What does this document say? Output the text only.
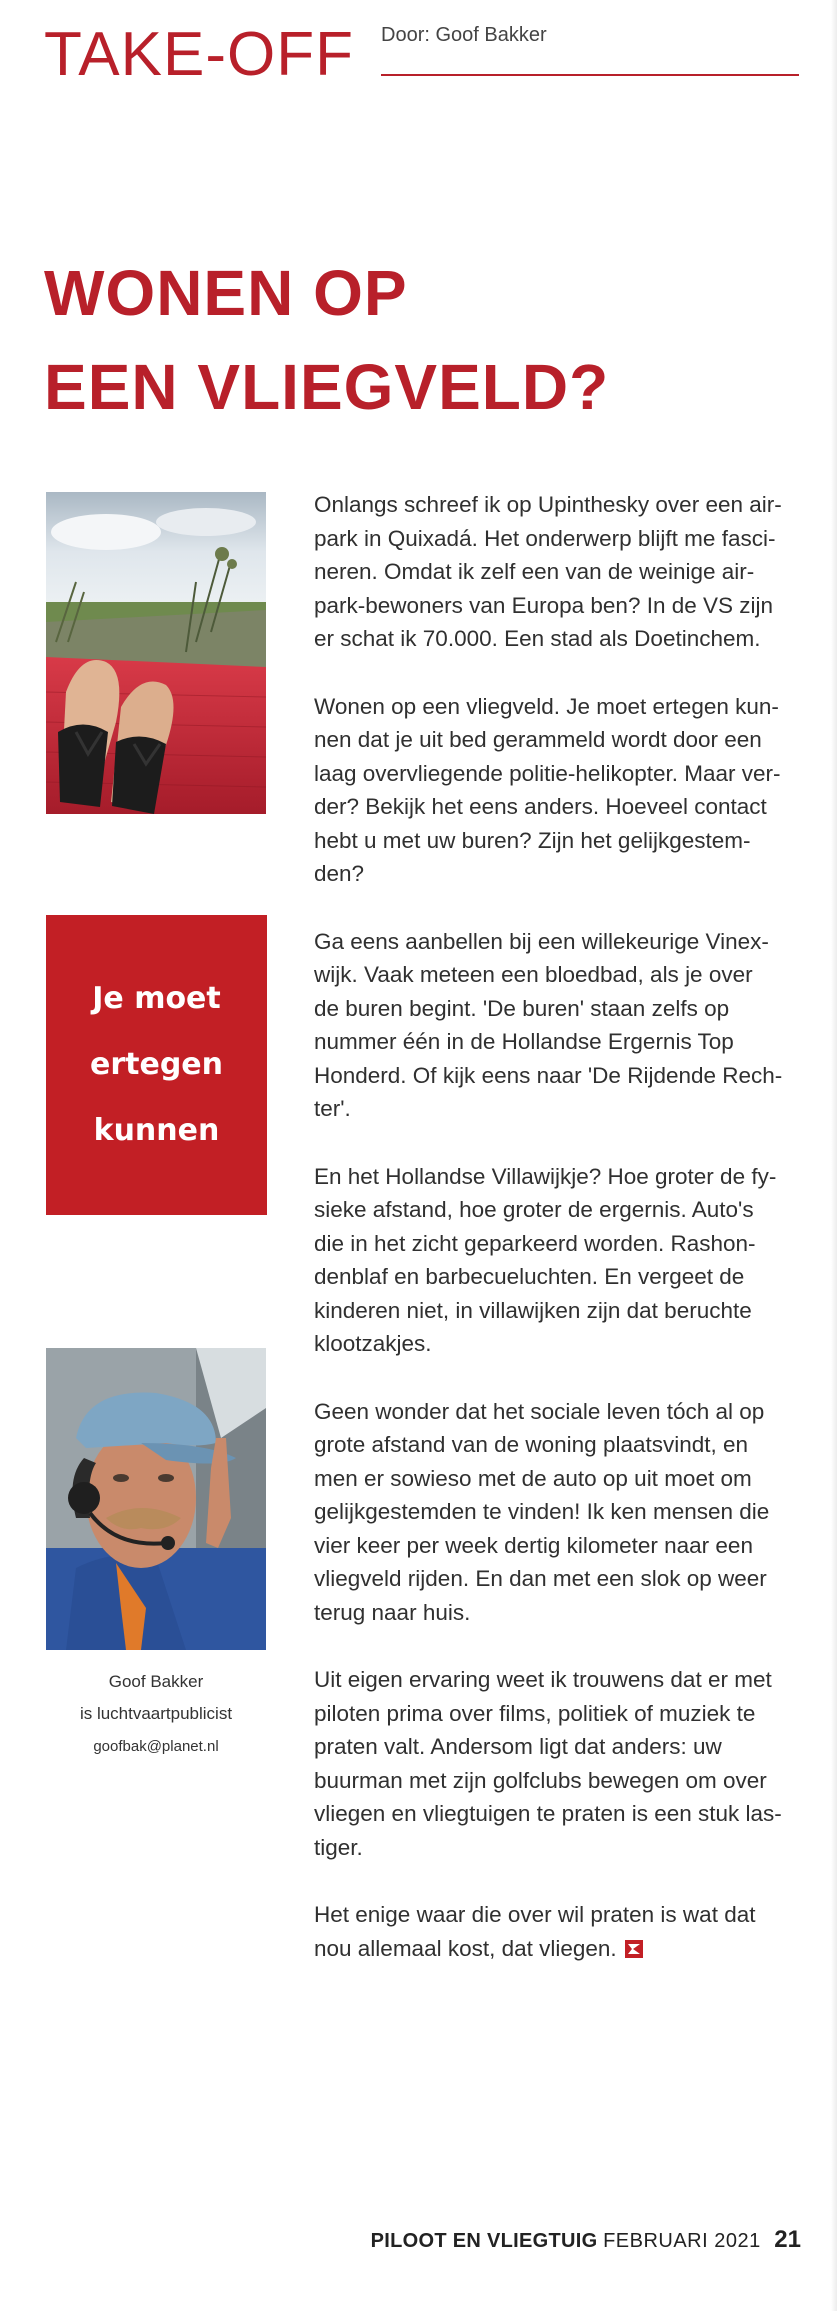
TAKE-OFF Door: Goof Bakker
WONEN OP
EEN VLIEGVELD?
Je moet
ertegen
kunnen
Goof Bakker
is luchtvaartpublicist
goofbak@planet.nl
Onlangs schreef ik op Upinthesky over een air-
park in Quixadá. Het onderwerp blijft me fasci-
neren. Omdat ik zelf een van de weinige air-
park-bewoners van Europa ben? In de VS zijn
er schat ik 70.000. Een stad als Doetinchem.
Wonen op een vliegveld. Je moet ertegen kun-
nen dat je uit bed gerammeld wordt door een
laag overvliegende politie-helikopter. Maar ver-
der? Bekijk het eens anders. Hoeveel contact
hebt u met uw buren? Zijn het gelijkgestem-
den?
Ga eens aanbellen bij een willekeurige Vinex-
wijk. Vaak meteen een bloedbad, als je over
de buren begint. 'De buren' staan zelfs op
nummer één in de Hollandse Ergernis Top
Honderd. Of kijk eens naar 'De Rijdende Rech-
ter'.
En het Hollandse Villawijkje? Hoe groter de fy-
sieke afstand, hoe groter de ergernis. Auto's
die in het zicht geparkeerd worden. Rashon-
denblaf en barbecueluchten. En vergeet de
kinderen niet, in villawijken zijn dat beruchte
klootzakjes.
Geen wonder dat het sociale leven tóch al op
grote afstand van de woning plaatsvindt, en
men er sowieso met de auto op uit moet om
gelijkgestemden te vinden! Ik ken mensen die
vier keer per week dertig kilometer naar een
vliegveld rijden. En dan met een slok op weer
terug naar huis.
Uit eigen ervaring weet ik trouwens dat er met
piloten prima over films, politiek of muziek te
praten valt. Andersom ligt dat anders: uw
buurman met zijn golfclubs bewegen om over
vliegen en vliegtuigen te praten is een stuk las-
tiger.
Het enige waar die over wil praten is wat dat
nou allemaal kost, dat vliegen.
PILOOT EN VLIEGTUIG FEBRUARI 2021 21
